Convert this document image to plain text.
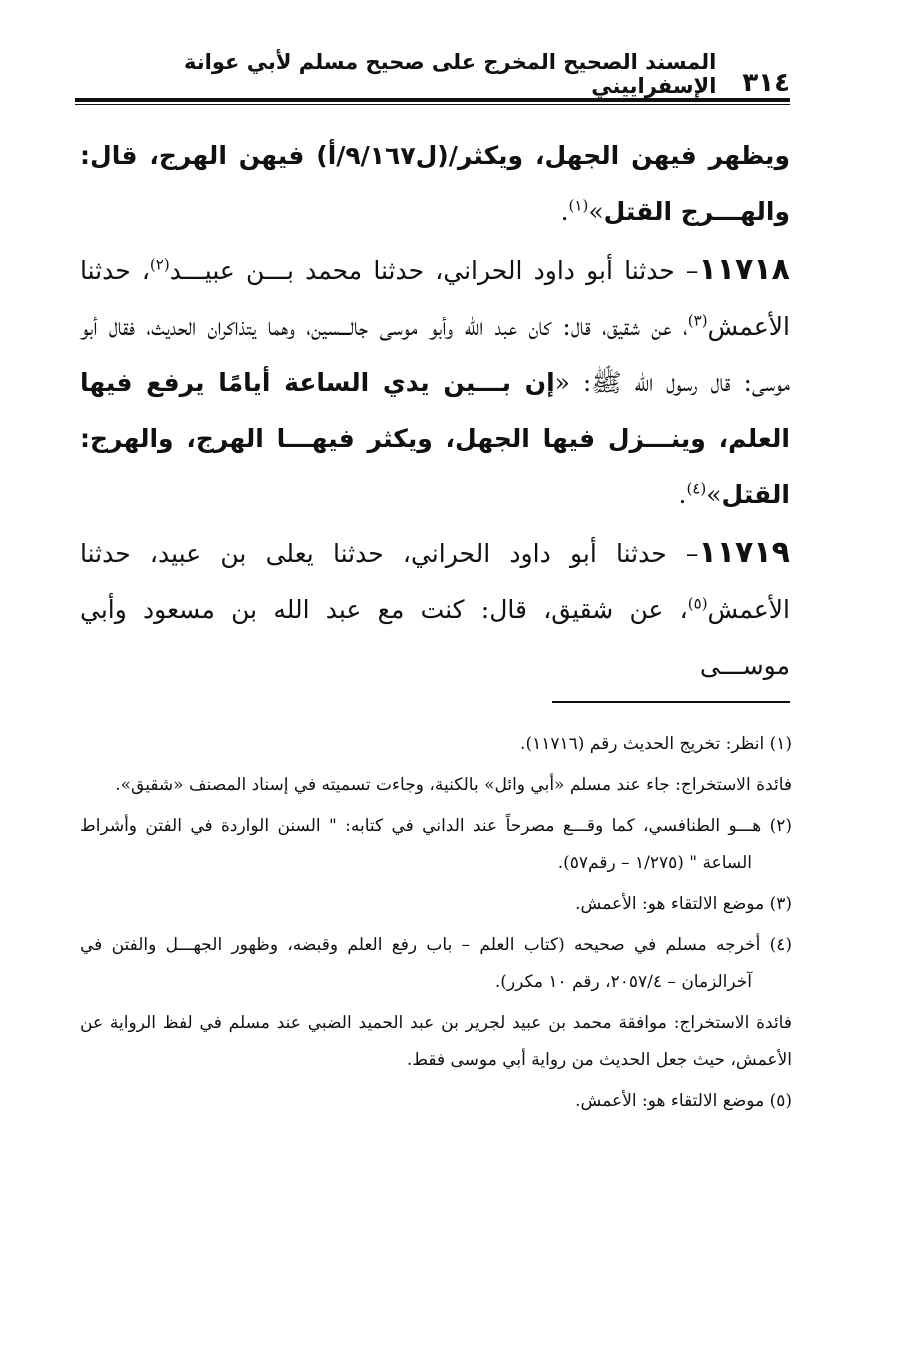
٣١٤
المسند الصحيح المخرج على صحيح مسلم لأبي عوانة الإسفراييني

ويظهر فيهن الجهل، ويكثر/(ل٩/١٦٧/أ) فيهن الهرج، قال: والهـــرج القتل»$^{(١)}$.

١١٧١٨– حدثنا أبو داود الحراني، حدثنا محمد بـــن عبيـــد$^{(٢)}$، حدثنا الأعمش$^{(٣)}$، عن شقيق، قال: كان عبد الله وأبو موسى جالـــسين، وهما يتذاكران الحديث، فقال أبو موسى: قال رسول الله ﷺ: «إن بـــين يدي الساعة أيامًا يرفع فيها العلم، وينـــزل فيها الجهل، ويكثر فيهـــا الهرج، والهرج: القتل»$^{(٤)}$.

١١٧١٩– حدثنا أبو داود الحراني، حدثنا يعلى بن عبيد، حدثنا الأعمش$^{(٥)}$، عن شقيق، قال: كنت مع عبد الله بن مسعود وأبي موســـى

(١) انظر: تخريج الحديث رقم (١١٧١٦).

فائدة الاستخراج: جاء عند مسلم «أبي وائل» بالكنية، وجاءت تسميته في إسناد المصنف «شقيق».

(٢) هـــو الطنافسي، كما وقـــع مصرحاً عند الداني في كتابه: " السنن الواردة في الفتن وأشراط الساعة " (١/٢٧٥ – رقم٥٧).

(٣) موضع الالتقاء هو: الأعمش.

(٤) أخرجه مسلم في صحيحه (كتاب العلم – باب رفع العلم وقبضه، وظهور الجهـــل والفتن في آخرالزمان – ٢٠٥٧/٤، رقم ١٠ مكرر).

فائدة الاستخراج: موافقة محمد بن عبيد لجرير بن عبد الحميد الضبي عند مسلم في لفظ الرواية عن الأعمش، حيث جعل الحديث من رواية أبي موسى فقط.

(٥) موضع الالتقاء هو: الأعمش.
